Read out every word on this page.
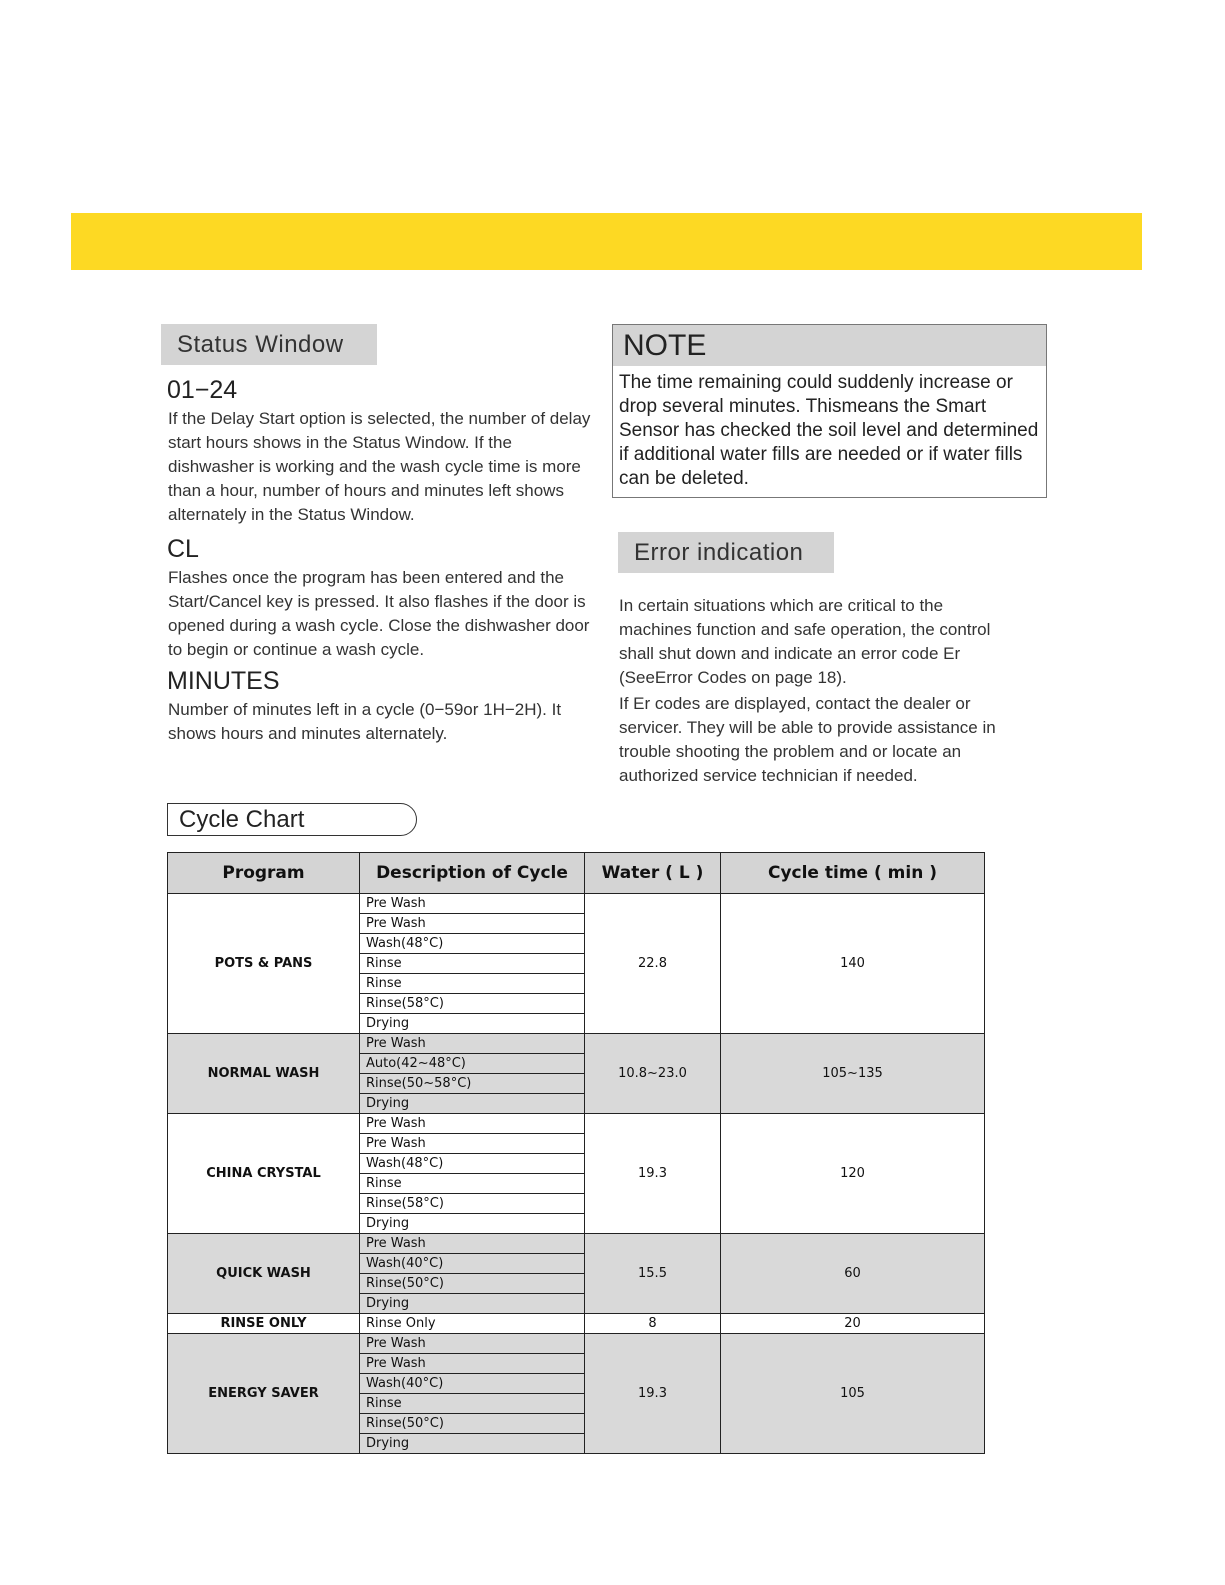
Status Window
01−24

If the Delay Start option is selected, the number of delay start hours shows in the Status Window. If the dishwasher is working and the wash cycle time is more than a hour, number of hours and minutes left shows alternately in the Status Window.

CL

Flashes once the program has been entered and the Start/Cancel key is pressed. It also flashes if the door is opened during a wash cycle. Close the dishwasher door to begin or continue a wash cycle.

MINUTES

Number of minutes left in a cycle (0−59or 1H−2H). It shows hours and minutes alternately.

NOTE

The time remaining could suddenly increase or drop several minutes. Thismeans the Smart Sensor has checked the soil level and determined if additional water fills are needed or if water fills can be deleted.

Error indication

In certain situations which are critical to the machines function and safe operation, the control shall shut down and indicate an error code Er (SeeError Codes on page 18).

If Er codes are displayed, contact the dealer or servicer. They will be able to provide assistance in trouble shooting the problem and or locate an authorized service technician if needed.

Cycle Chart
Program	Description of Cycle	Water ( L )	Cycle time ( min )
POTS & PANS	Pre Wash	22.8	140
	Pre Wash		
	Wash(48°C)		
	Rinse		
	Rinse		
	Rinse(58°C)		
	Drying		
NORMAL WASH	Pre Wash	10.8~23.0	105~135
	Auto(42~48°C)		
	Rinse(50~58°C)		
	Drying		
CHINA CRYSTAL	Pre Wash	19.3	120
	Pre Wash		
	Wash(48°C)		
	Rinse		
	Rinse(58°C)		
	Drying		
QUICK WASH	Pre Wash	15.5	60
	Wash(40°C)		
	Rinse(50°C)		
	Drying		
RINSE ONLY	Rinse Only	8	20
ENERGY SAVER	Pre Wash	19.3	105
	Pre Wash		
	Wash(40°C)		
	Rinse		
	Rinse(50°C)		
	Drying		
